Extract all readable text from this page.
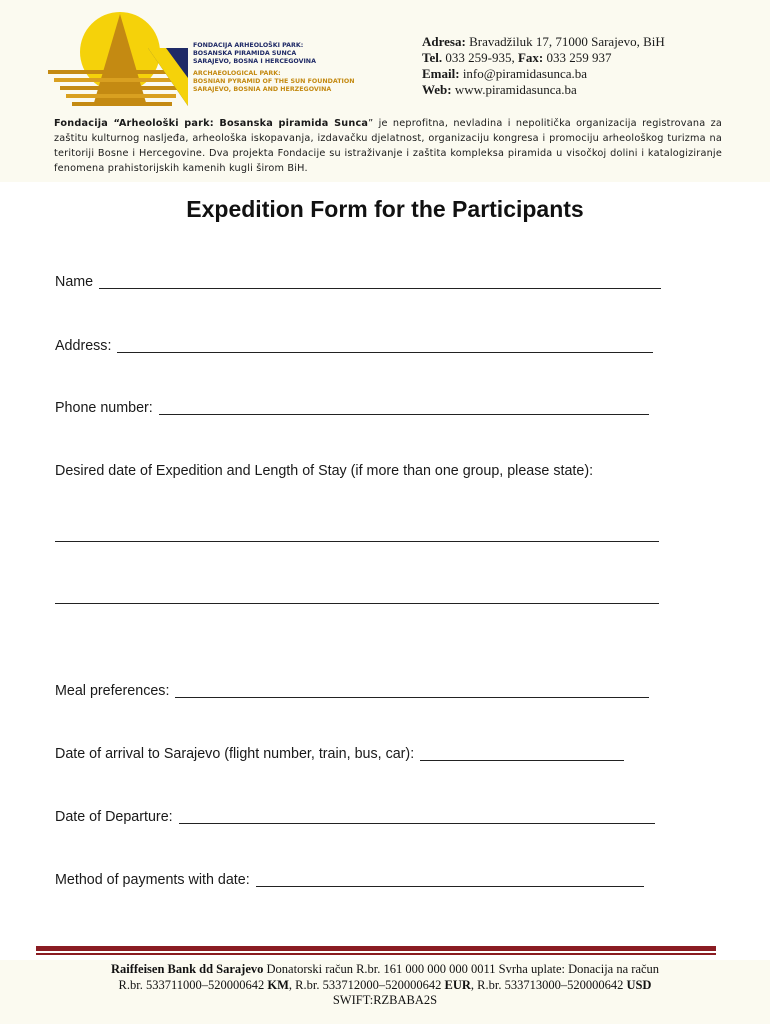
FONDACIJA ARHEOLOŠKI PARK:
BOSANSKA PIRAMIDA SUNCA
SARAJEVO, BOSNA I HERCEGOVINA
ARCHAEOLOGICAL PARK:
BOSNIAN PYRAMID OF THE SUN FOUNDATION
SARAJEVO, BOSNIA AND HERZEGOVINA
Adresa: Bravadžiluk 17, 71000 Sarajevo, BiH
Tel. 033 259-935, Fax: 033 259 937
Email: info@piramidasunca.ba
Web: www.piramidasunca.ba
Fondacija “Arheološki park: Bosanska piramida Sunca” je neprofitna, nevladina i nepolitička organizacija registrovana za zaštitu kulturnog nasljeđa, arheološka iskopavanja, izdavačku djelatnost, organizaciju kongresa i promociju arheološkog turizma na teritoriji Bosne i Hercegovine. Dva projekta Fondacije su istraživanje i zaštita kompleksa piramida u visočkoj dolini i katalogiziranje fenomena prahistorijskih kamenih kugli širom BiH.
Expedition Form for the Participants
Name
Address:
Phone number:
Desired date of Expedition and Length of Stay (if more than one group, please state):
Meal preferences:
Date of arrival to Sarajevo (flight number, train, bus, car):
Date of Departure:
Method of payments with date:
Raiffeisen Bank dd Sarajevo Donatorski račun R.br. 161 000 000 000 0011 Svrha uplate: Donacija na račun
R.br. 533711000–520000642 KM, R.br. 533712000–520000642 EUR, R.br. 533713000–520000642 USD
SWIFT:RZBABA2S
